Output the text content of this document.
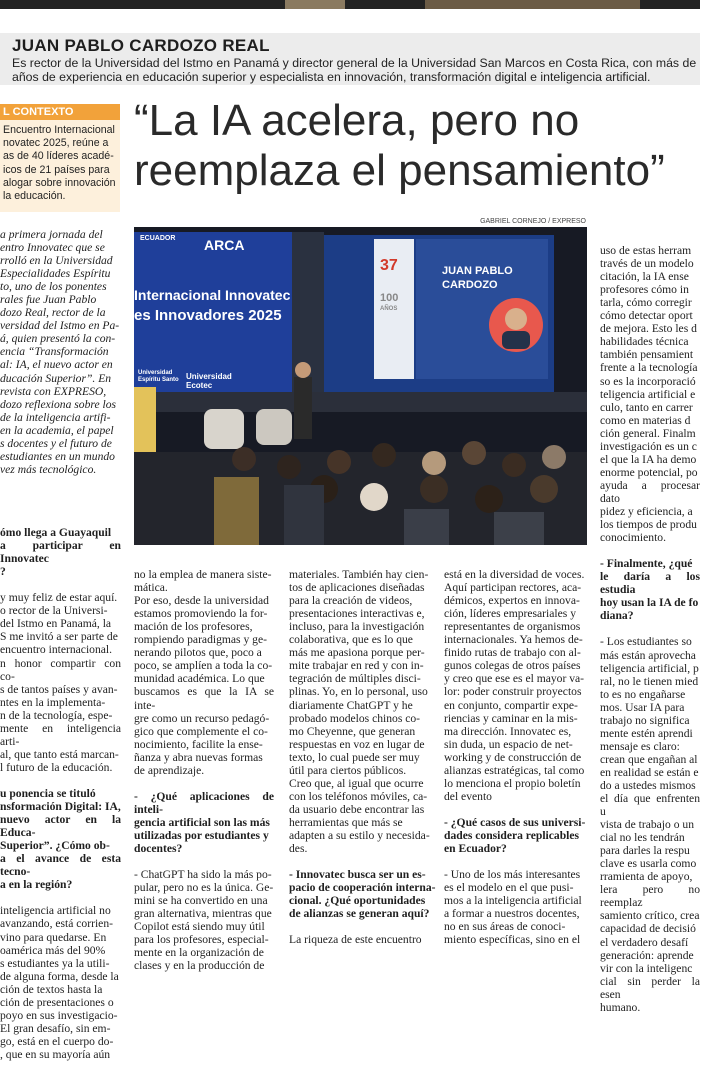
JUAN PABLO CARDOZO REAL
Es rector de la Universidad del Istmo en Panamá y director general de la Universidad San Marcos en Costa Rica, con más de
años de experiencia en educación superior y especialista en innovación, transformación digital e inteligencia artificial.
L CONTEXTO
Encuentro Internacional
novatec 2025, reúne a
as de 40 líderes acadé-
icos de 21 países para
alogar sobre innovación
la educación.
“La IA acelera, pero no
reemplaza el pensamiento”
GABRIEL CORNEJO / EXPRESO
ECUADOR	ARCA
Internacional Innovatec
es Innovadores 2025
Universidad Espíritu Santo Universidad Ecotec
37
100
AÑOS
JUAN PABLO
CARDOZO
a primera jornada del
entro Innovatec que se
rrolló en la Universidad
Especialidades Espíritu
to, uno de los ponentes
rales fue Juan Pablo
dozo Real, rector de la
versidad del Istmo en Pa-
á, quien presentó la con-
encia “Transformación
al: IA, el nuevo actor en
ducación Superior”. En
revista con EXPRESO,
dozo reflexiona sobre los
de la inteligencia artifi-
en la academia, el papel
s docentes y el futuro de
estudiantes en un mundo
vez más tecnológico.

ómo llega a Guayaquil
a participar en Innovatec
?

y muy feliz de estar aquí.
o rector de la Universi-
del Istmo en Panamá, la
S me invitó a ser parte de
encuentro internacional.
n honor compartir con co-
s de tantos países y avan-
ntes en la implementa-
n de la tecnología, espe-
mente en inteligencia arti-
al, que tanto está marcan-
l futuro de la educación.

u ponencia se tituló
nsformación Digital: IA,
nuevo actor en la Educa-
Superior”. ¿Cómo ob-
a el avance de esta tecno-
a en la región?

inteligencia artificial no
avanzando, está corrien-
vino para quedarse. En
oamérica más del 90%
s estudiantes ya la utili-
de alguna forma, desde la
ción de textos hasta la
ción de presentaciones o
poyo en sus investigacio-
El gran desafío, sin em-
go, está en el cuerpo do-
, que en su mayoría aún

no la emplea de manera siste-
mática.
Por eso, desde la universidad
estamos promoviendo la for-
mación de los profesores,
rompiendo paradigmas y ge-
nerando pilotos que, poco a
poco, se amplíen a toda la co-
munidad académica. Lo que
buscamos es que la IA se inte-
gre como un recurso pedagó-
gico que complemente el co-
nocimiento, facilite la ense-
ñanza y abra nuevas formas
de aprendizaje.

- ¿Qué aplicaciones de inteli-
gencia artificial son las más
utilizadas por estudiantes y
docentes?

- ChatGPT ha sido la más po-
pular, pero no es la única. Ge-
mini se ha convertido en una
gran alternativa, mientras que
Copilot está siendo muy útil
para los profesores, especial-
mente en la organización de
clases y en la producción de

materiales. También hay cien-
tos de aplicaciones diseñadas
para la creación de videos,
presentaciones interactivas e,
incluso, para la investigación
colaborativa, que es lo que
más me apasiona porque per-
mite trabajar en red y con in-
tegración de múltiples disci-
plinas. Yo, en lo personal, uso
diariamente ChatGPT y he
probado modelos chinos co-
mo Cheyenne, que generan
respuestas en voz en lugar de
texto, lo cual puede ser muy
útil para ciertos públicos.
Creo que, al igual que ocurre
con los teléfonos móviles, ca-
da usuario debe encontrar las
herramientas que más se
adapten a su estilo y necesida-
des.

- Innovatec busca ser un es-
pacio de cooperación interna-
cional. ¿Qué oportunidades
de alianzas se generan aquí?

La riqueza de este encuentro

está en la diversidad de voces.
Aquí participan rectores, aca-
démicos, expertos en innova-
ción, líderes empresariales y
representantes de organismos
internacionales. Ya hemos de-
finido rutas de trabajo con al-
gunos colegas de otros países
y creo que ese es el mayor va-
lor: poder construir proyectos
en conjunto, compartir expe-
riencias y caminar en la mis-
ma dirección. Innovatec es,
sin duda, un espacio de net-
working y de construcción de
alianzas estratégicas, tal como
lo menciona el propio boletín
del evento

- ¿Qué casos de sus universi-
dades considera replicables
en Ecuador?

- Uno de los más interesantes
es el modelo en el que pusi-
mos a la inteligencia artificial
a formar a nuestros docentes,
no en sus áreas de conoci-
miento específicas, sino en el

uso de estas herram
través de un modelo
citación, la IA ense
profesores cómo in
tarla, cómo corregir
cómo detectar oport
de mejora. Esto les d
habilidades técnica
también pensamient
frente a la tecnología
so es la incorporació
teligencia artificial e
culo, tanto en carrer
como en materias d
ción general. Finalm
investigación es un c
el que la IA ha demo
enorme potencial, po
ayuda a procesar dato
pidez y eficiencia, a
los tiempos de produ
conocimiento.

- Finalmente, ¿qué
le daría a los estudia
hoy usan la IA de fo
diana?

- Los estudiantes so
más están aprovecha
teligencia artificial, p
ral, no le tienen mied
to es no engañarse
mos. Usar IA para
trabajo no significa
mente estén aprendi
mensaje es claro:
crean que engañan al
en realidad se están e
do a ustedes mismos
el día que enfrenten u
vista de trabajo o un
cial no les tendrán
para darles la respu
clave es usarla como
rramienta de apoyo,
lera pero no reemplaz
samiento crítico, crea
capacidad de decisió
el verdadero desafí
generación: aprende
vir con la inteligenc
cial sin perder la esen
humano.
